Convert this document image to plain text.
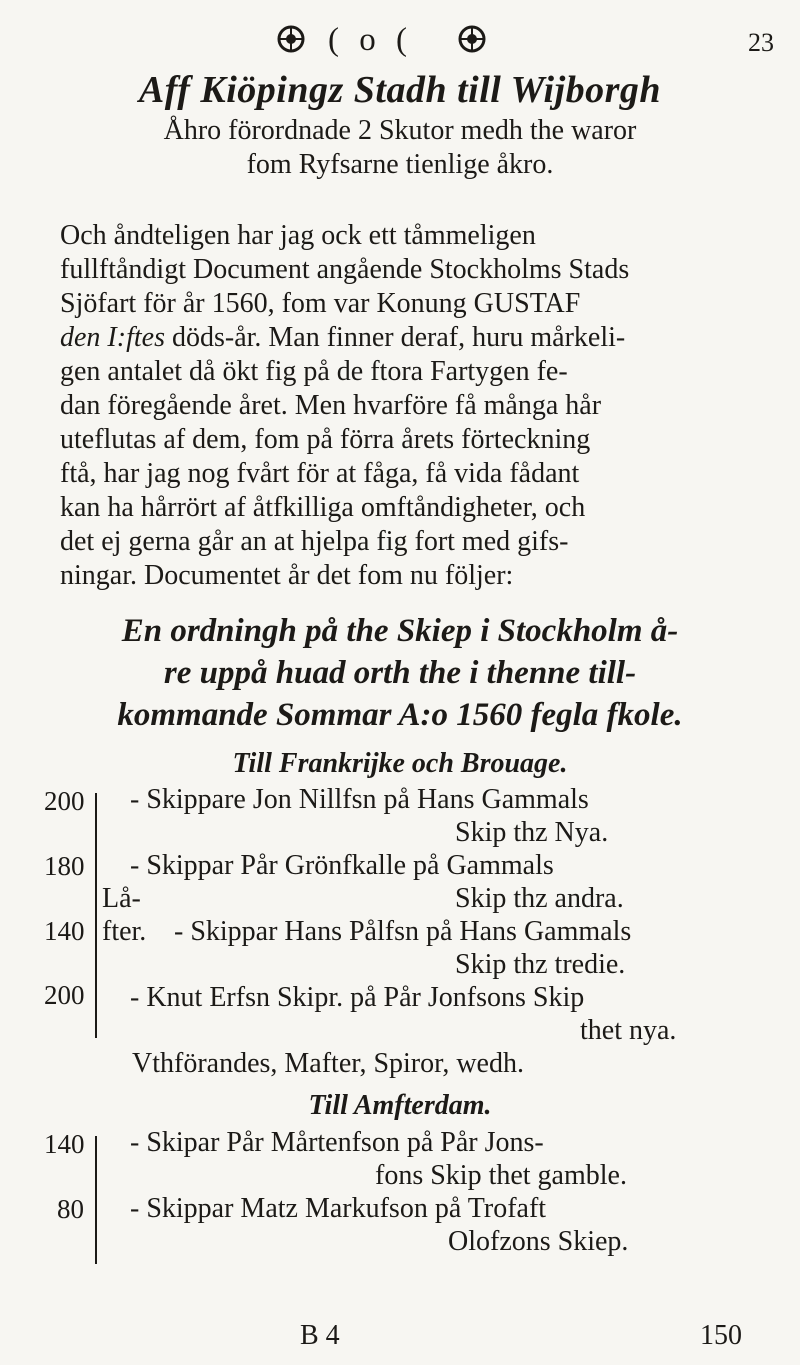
( o (	23
Aff Kiöpingz Stadh till Wijborgh
Åhro förordnade 2 Skutor medh the waror
fom Ryfsarne tienlige åkro.
Och åndteligen har jag ock ett tåmmeligen
fullftåndigt Document angående Stockholms Stads
Sjöfart för år 1560, fom var Konung GUSTAF
den I:ftes döds-år. Man finner deraf, huru mårkeli-
gen antalet då ökt fig på de ftora Fartygen fe-
dan föregående året. Men hvarföre få många hår
uteflutas af dem, fom på förra årets förteckning
ftå, har jag nog fvårt för at fåga, få vida fådant
kan ha hårrört af åtfkilliga omftåndigheter, och
det ej gerna går an at hjelpa fig fort med gifs-
ningar. Documentet år det fom nu följer:
En ordningh på the Skiep i Stockholm å-
re uppå huad orth the i thenne till-
kommande Sommar A:o 1560 fegla fkole.
Till Frankrijke och Brouage.
200
180
140
200
Lå-
fter.
- Skippare Jon Nillfsn på Hans Gammals
Skip thz Nya.
- Skippar Pår Grönfkalle på Gammals
Skip thz andra.
- Skippar Hans Pålfsn på Hans Gammals
Skip thz tredie.
- Knut Erfsn Skipr. på Pår Jonfsons Skip
thet nya.
Vthförandes, Mafter, Spiror, wedh.
Till Amfterdam.
140
80
- Skipar Pår Mårtenfson på Pår Jons-
fons Skip thet gamble.
- Skippar Matz Markufson på Trofaft
Olofzons Skiep.
B 4	150
